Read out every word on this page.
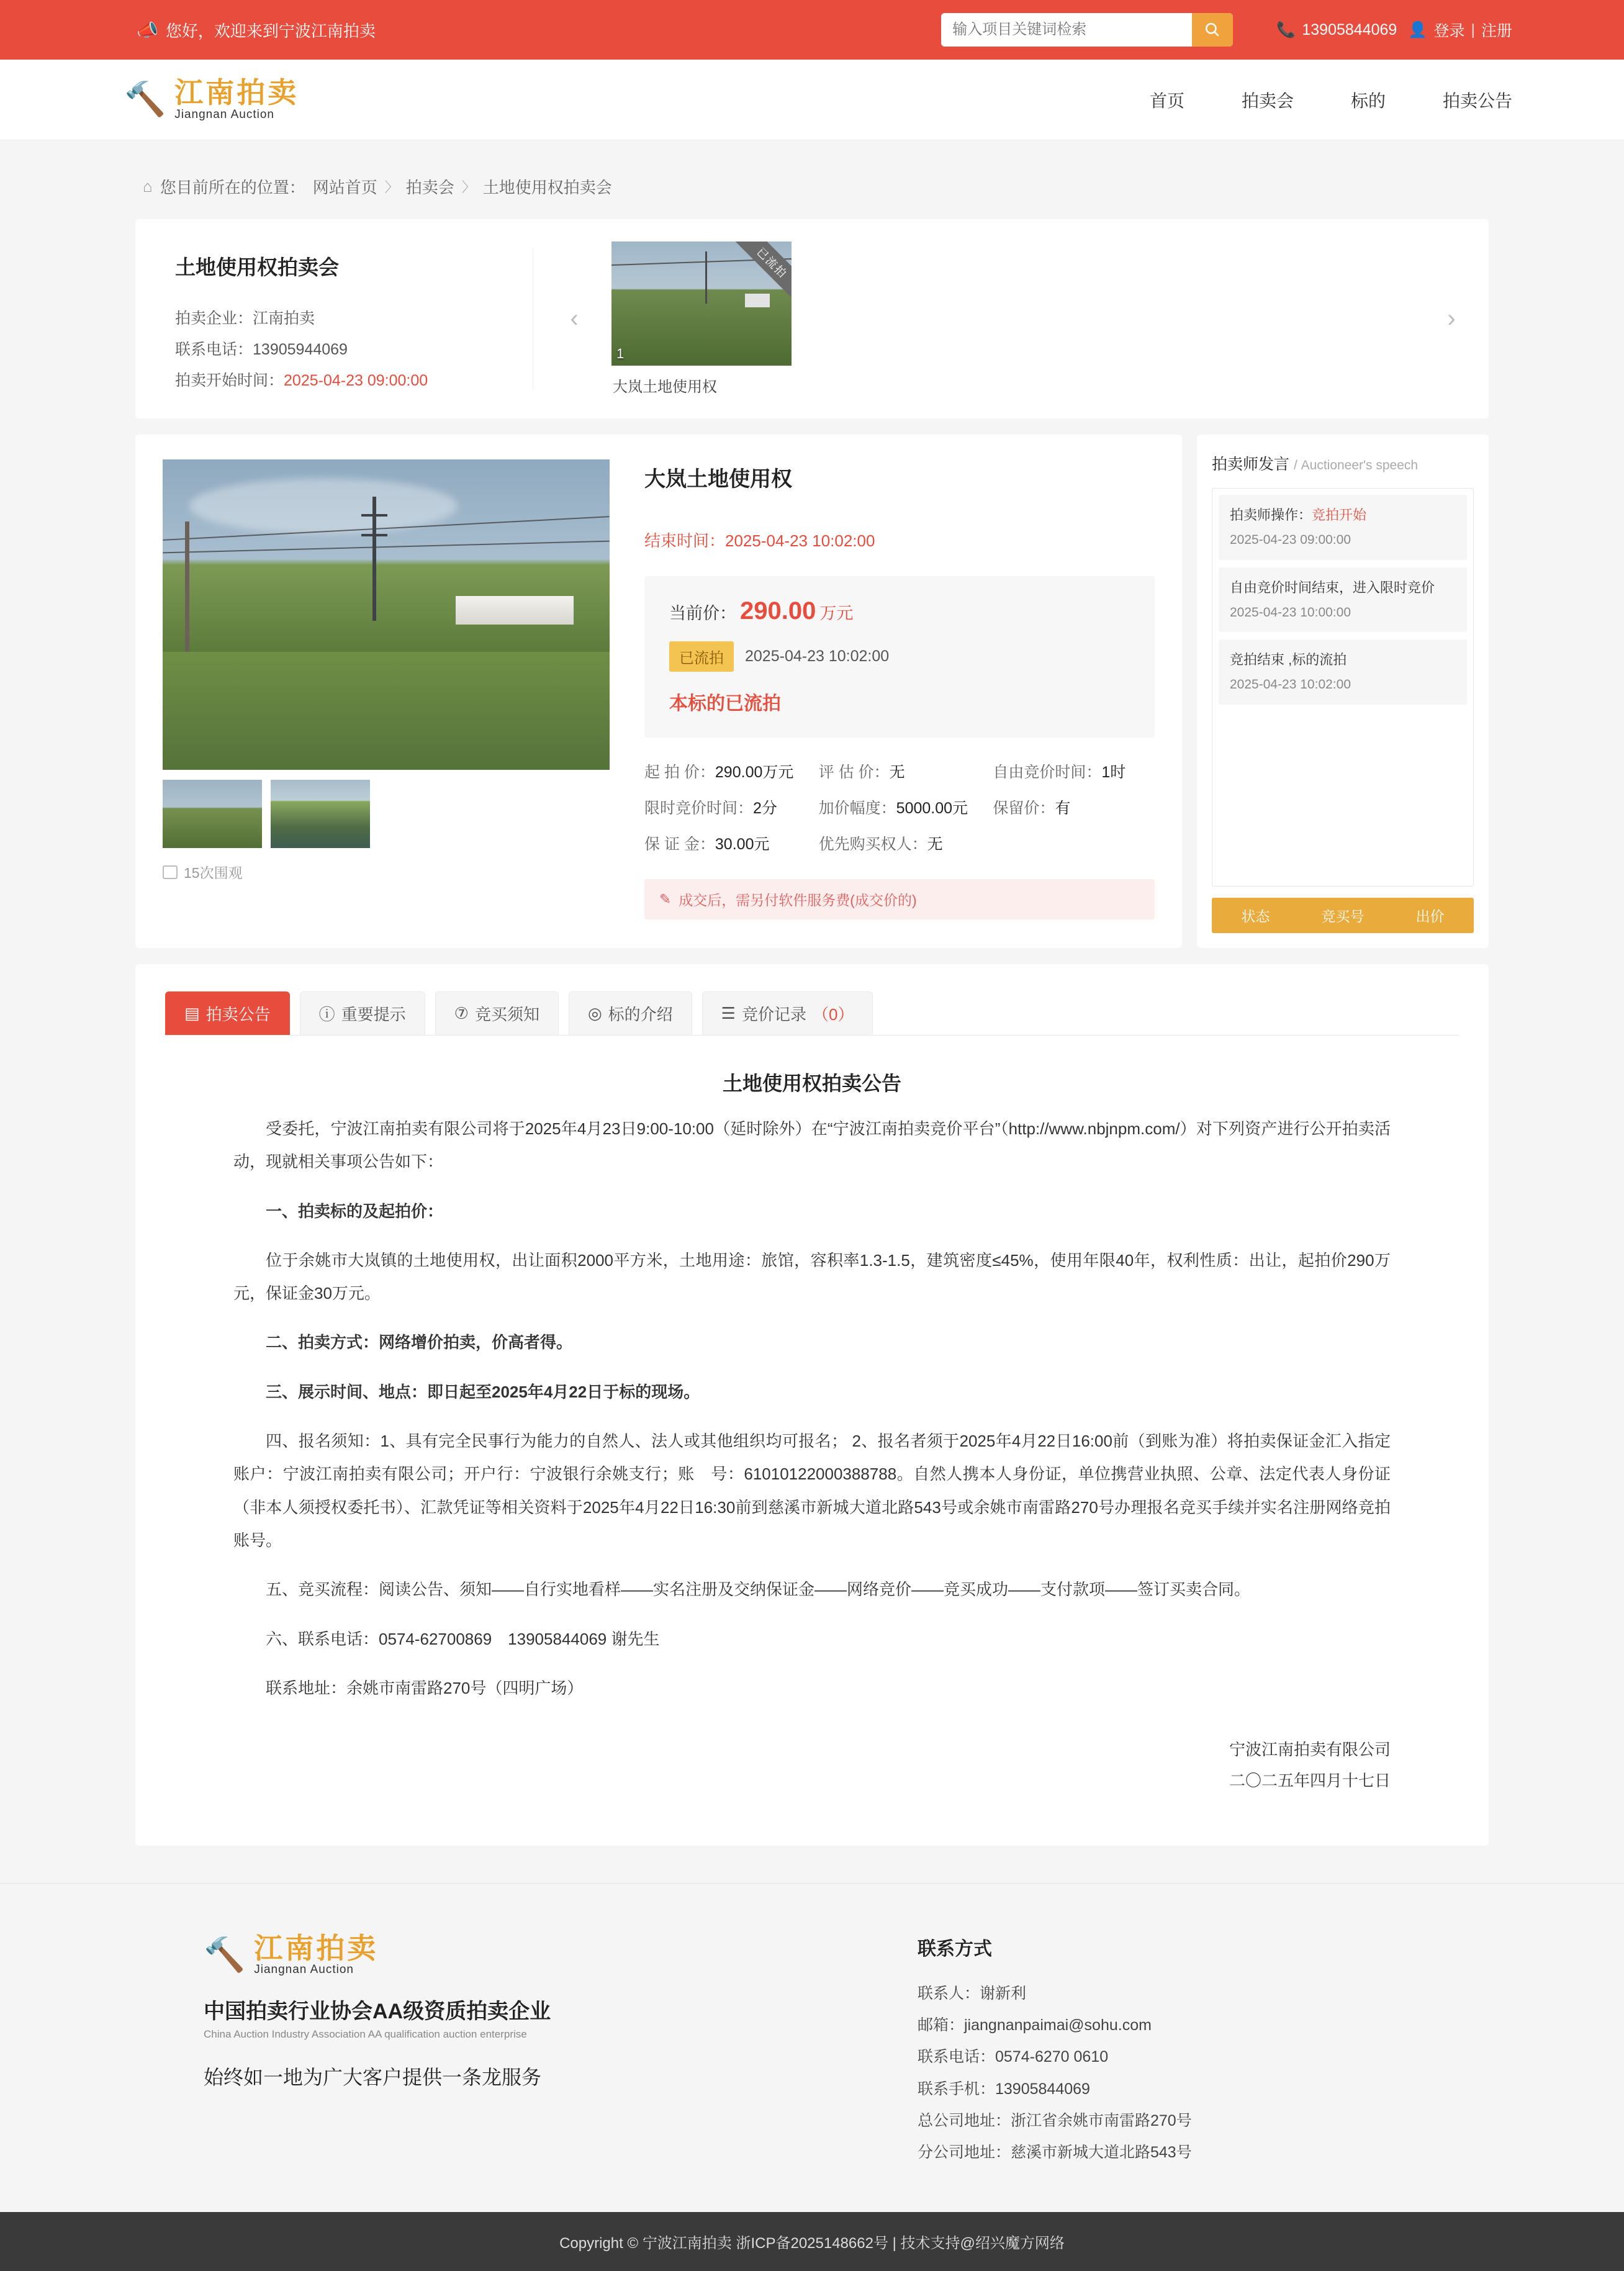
📣 您好，欢迎来到宁波江南拍卖
输入项目关键词检索	📞 13905844069 👤 登录 | 注册
🔨 江南拍卖
Jiangnan Auction
首页	拍卖会	标的	拍卖公告
⌂ 您目前所在的位置： 网站首页 〉 拍卖会 〉 土地使用权拍卖会
土地使用权拍卖会

拍卖企业：江南拍卖

联系电话：13905944069

拍卖开始时间：2025-04-23 09:00:00

‹
已流拍
1
大岚土地使用权
›
15次围观
大岚土地使用权
结束时间：2025-04-23 10:02:00
当前价： 290.00 万元
已流拍	2025-04-23 10:02:00
本标的已流拍
起 拍 价：290.00万元	评 估 价：无	自由竞价时间：1时
限时竞价时间：2分	加价幅度：5000.00元	保留价：有
保 证 金：30.00元	优先购买权人：无
✎ 成交后，需另付软件服务费(成交价的)
拍卖师发言 / Auctioneer's speech
拍卖师操作：竞拍开始
2025-04-23 09:00:00
自由竞价时间结束，进入限时竞价
2025-04-23 10:00:00
竞拍结束 ,标的流拍
2025-04-23 10:02:00
状态	竞买号	出价
▤ 拍卖公告	ⓘ 重要提示	⑦ 竞买须知	◎ 标的介绍	☰ 竞价记录 （0）
土地使用权拍卖公告

受委托，宁波江南拍卖有限公司将于2025年4月23日9:00-10:00（延时除外）在“宁波江南拍卖竞价平台”（http://www.nbjnpm.com/）对下列资产进行公开拍卖活动，现就相关事项公告如下：

一、拍卖标的及起拍价：

位于余姚市大岚镇的土地使用权，出让面积2000平方米，土地用途：旅馆，容积率1.3-1.5，建筑密度≤45%，使用年限40年，权利性质：出让，起拍价290万元，保证金30万元。

二、拍卖方式：网络增价拍卖，价高者得。

三、展示时间、地点：即日起至2025年4月22日于标的现场。

四、报名须知：1、具有完全民事行为能力的自然人、法人或其他组织均可报名； 2、报名者须于2025年4月22日16:00前（到账为准）将拍卖保证金汇入指定账户：宁波江南拍卖有限公司；开户行：宁波银行余姚支行；账　号：61010122000388788。自然人携本人身份证，单位携营业执照、公章、法定代表人身份证（非本人须授权委托书）、汇款凭证等相关资料于2025年4月22日16:30前到慈溪市新城大道北路543号或余姚市南雷路270号办理报名竞买手续并实名注册网络竞拍账号。

五、竞买流程：阅读公告、须知——自行实地看样——实名注册及交纳保证金——网络竞价——竞买成功——支付款项——签订买卖合同。

六、联系电话：0574-62700869　13905844069 谢先生

联系地址：余姚市南雷路270号（四明广场）

宁波江南拍卖有限公司
二〇二五年四月十七日
🔨 江南拍卖
Jiangnan Auction
中国拍卖行业协会AA级资质拍卖企业
China Auction Industry Association AA qualification auction enterprise
始终如一地为广大客户提供一条龙服务
联系方式

联系人：谢新利

邮箱：jiangnanpaimai@sohu.com

联系电话：0574-6270 0610

联系手机：13905844069

总公司地址：浙江省余姚市南雷路270号

分公司地址：慈溪市新城大道北路543号

Copyright © 宁波江南拍卖 浙ICP备2025148662号 | 技术支持@绍兴魔方网络
